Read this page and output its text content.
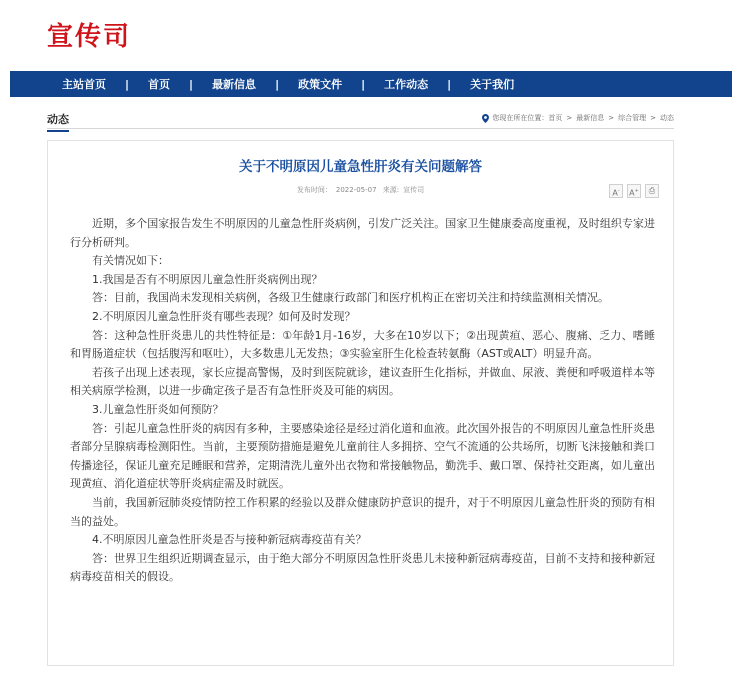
宣传司
主站首页 | 首页 | 最新信息 | 政策文件 | 工作动态 | 关于我们
动态	您现在所在位置： 首页 > 最新信息 > 综合管理 > 动态
关于不明原因儿童急性肝炎有关问题解答
发布时间： 2022-05-07 来源: 宣传司	A-	A+	⎙

近期，多个国家报告发生不明原因的儿童急性肝炎病例，引发广泛关注。国家卫生健康委高度重视，及时组织专家进行分析研判。

有关情况如下：

1.我国是否有不明原因儿童急性肝炎病例出现？

答：目前，我国尚未发现相关病例，各级卫生健康行政部门和医疗机构正在密切关注和持续监测相关情况。

2.不明原因儿童急性肝炎有哪些表现？如何及时发现？

答：这种急性肝炎患儿的共性特征是：①年龄1月-16岁，大多在10岁以下；②出现黄疸、恶心、腹痛、乏力、嗜睡和胃肠道症状（包括腹泻和呕吐），大多数患儿无发热；③实验室肝生化检查转氨酶（AST或ALT）明显升高。

若孩子出现上述表现，家长应提高警惕，及时到医院就诊，建议查肝生化指标，并做血、尿液、粪便和呼吸道样本等相关病原学检测，以进一步确定孩子是否有急性肝炎及可能的病因。

3.儿童急性肝炎如何预防？

答：引起儿童急性肝炎的病因有多种，主要感染途径是经过消化道和血液。此次国外报告的不明原因儿童急性肝炎患者部分呈腺病毒检测阳性。当前，主要预防措施是避免儿童前往人多拥挤、空气不流通的公共场所，切断飞沫接触和粪口传播途径，保证儿童充足睡眠和营养，定期清洗儿童外出衣物和常接触物品，勤洗手、戴口罩、保持社交距离，如儿童出现黄疸、消化道症状等肝炎病症需及时就医。

当前，我国新冠肺炎疫情防控工作积累的经验以及群众健康防护意识的提升，对于不明原因儿童急性肝炎的预防有相当的益处。

4.不明原因儿童急性肝炎是否与接种新冠病毒疫苗有关？

答：世界卫生组织近期调查显示，由于绝大部分不明原因急性肝炎患儿未接种新冠病毒疫苗，目前不支持和接种新冠病毒疫苗相关的假设。
